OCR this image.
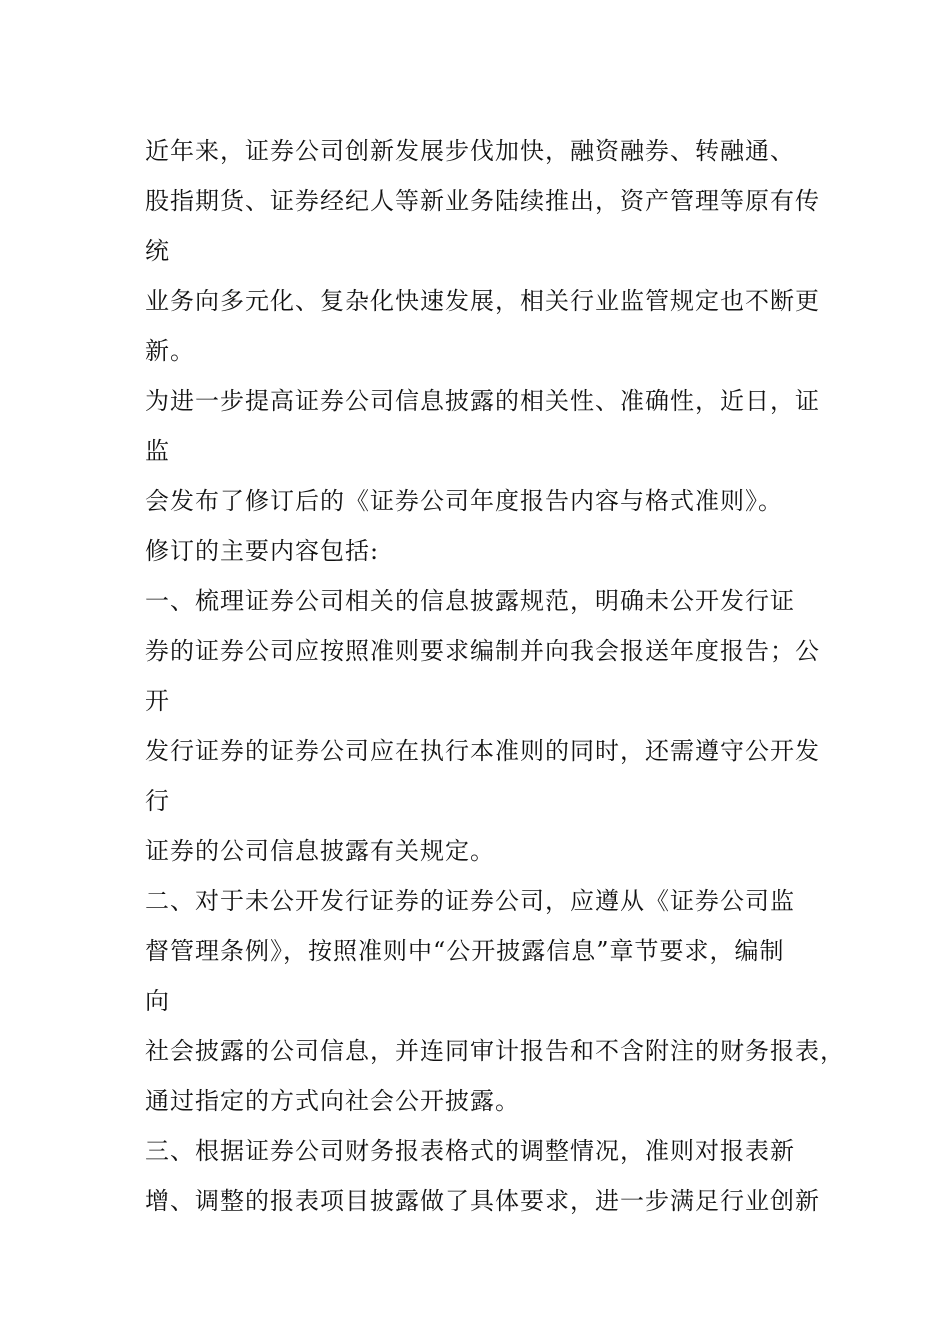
近年来，证券公司创新发展步伐加快，融资融券、转融通、
股指期货、证券经纪人等新业务陆续推出，资产管理等原有传
统
业务向多元化、复杂化快速发展，相关行业监管规定也不断更
新。
为进一步提高证券公司信息披露的相关性、准确性，近日，证
监
会发布了修订后的《证券公司年度报告内容与格式准则》。
修订的主要内容包括:
一、梳理证券公司相关的信息披露规范，明确未公开发行证
券的证券公司应按照准则要求编制并向我会报送年度报告；公
开
发行证券的证券公司应在执行本准则的同时，还需遵守公开发
行
证券的公司信息披露有关规定。
二、对于未公开发行证券的证券公司，应遵从《证券公司监
督管理条例》，按照准则中“公开披露信息”章节要求，编制
向
社会披露的公司信息，并连同审计报告和不含附注的财务报表，
通过指定的方式向社会公开披露。
三、根据证券公司财务报表格式的调整情况，准则对报表新
增、调整的报表项目披露做了具体要求，进一步满足行业创新
